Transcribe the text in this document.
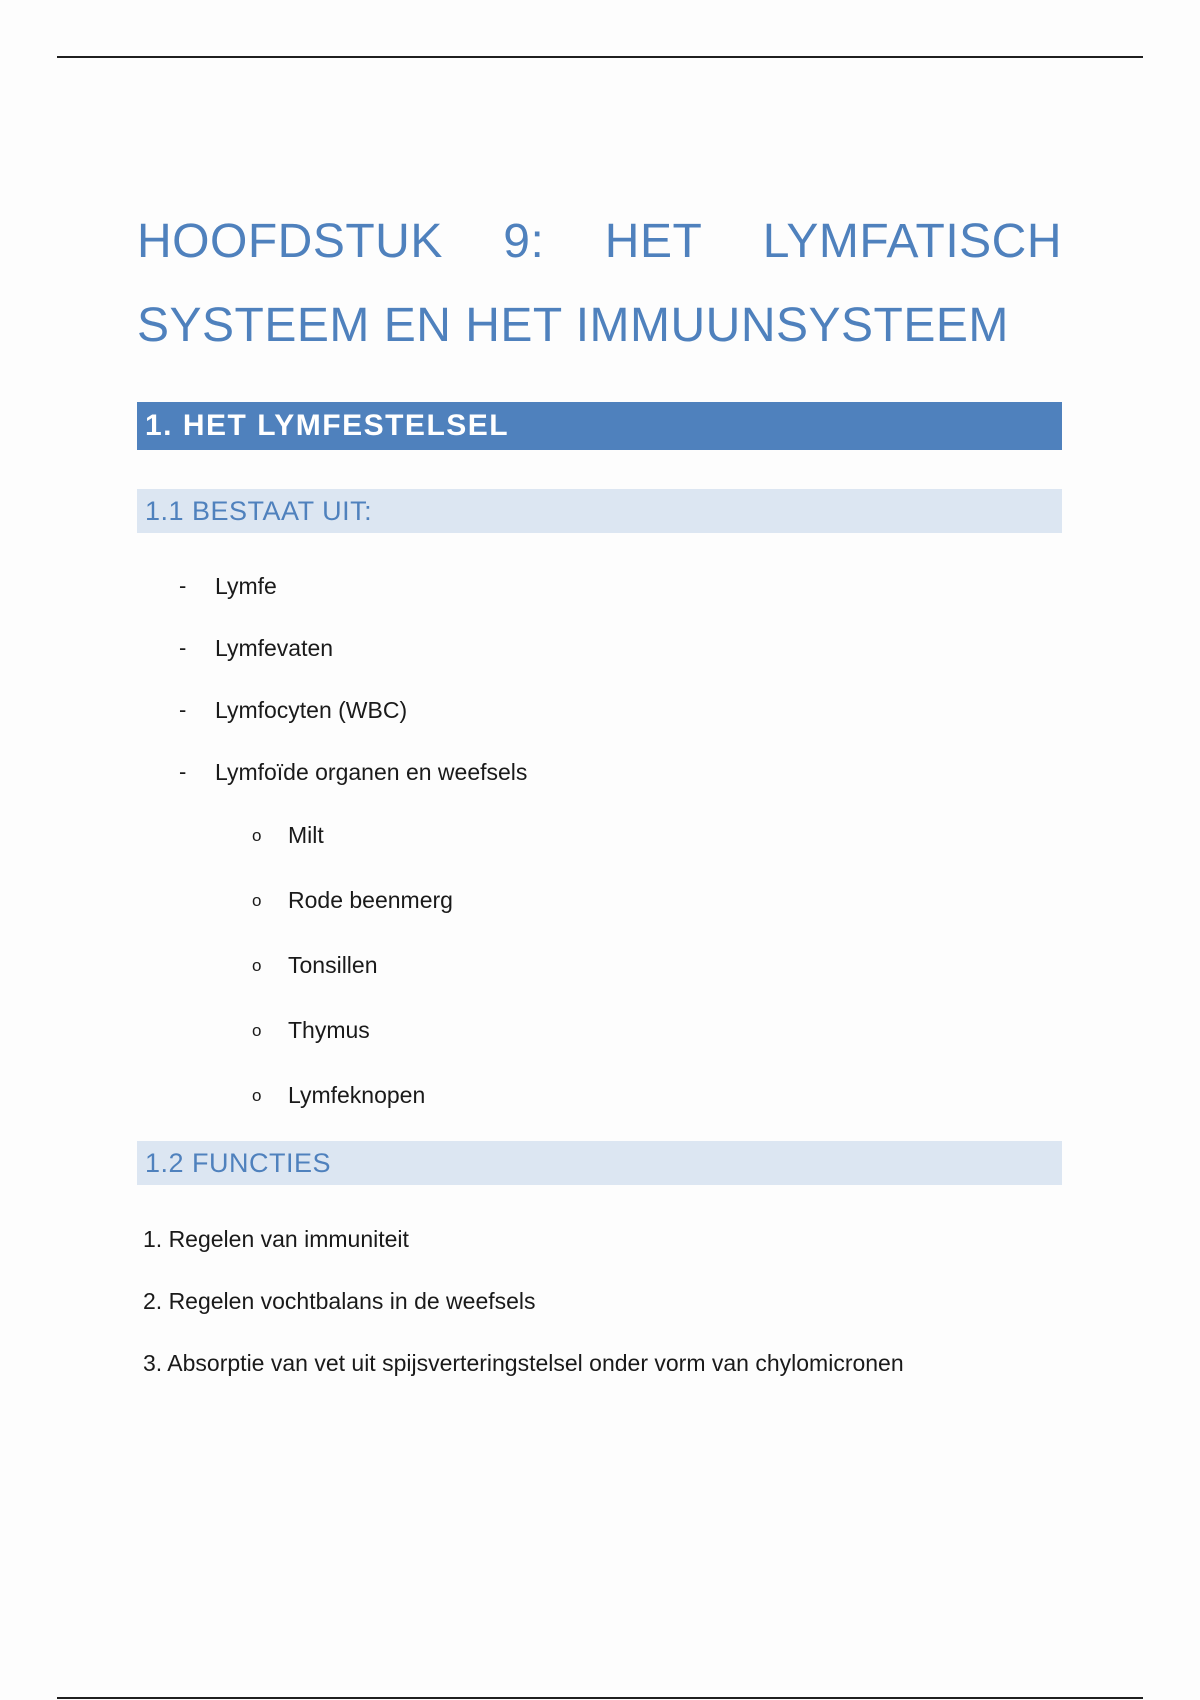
HOOFDSTUK 9: HET LYMFATISCH
SYSTEEM EN HET IMMUUNSYSTEEM
1. HET LYMFESTELSEL
1.1 BESTAAT UIT:
- Lymfe
- Lymfevaten
- Lymfocyten (WBC)
- Lymfoïde organen en weefsels
o Milt
o Rode beenmerg
o Tonsillen
o Thymus
o Lymfeknopen
1.2 FUNCTIES
1. Regelen van immuniteit
2. Regelen vochtbalans in de weefsels
3. Absorptie van vet uit spijsverteringstelsel onder vorm van chylomicronen
